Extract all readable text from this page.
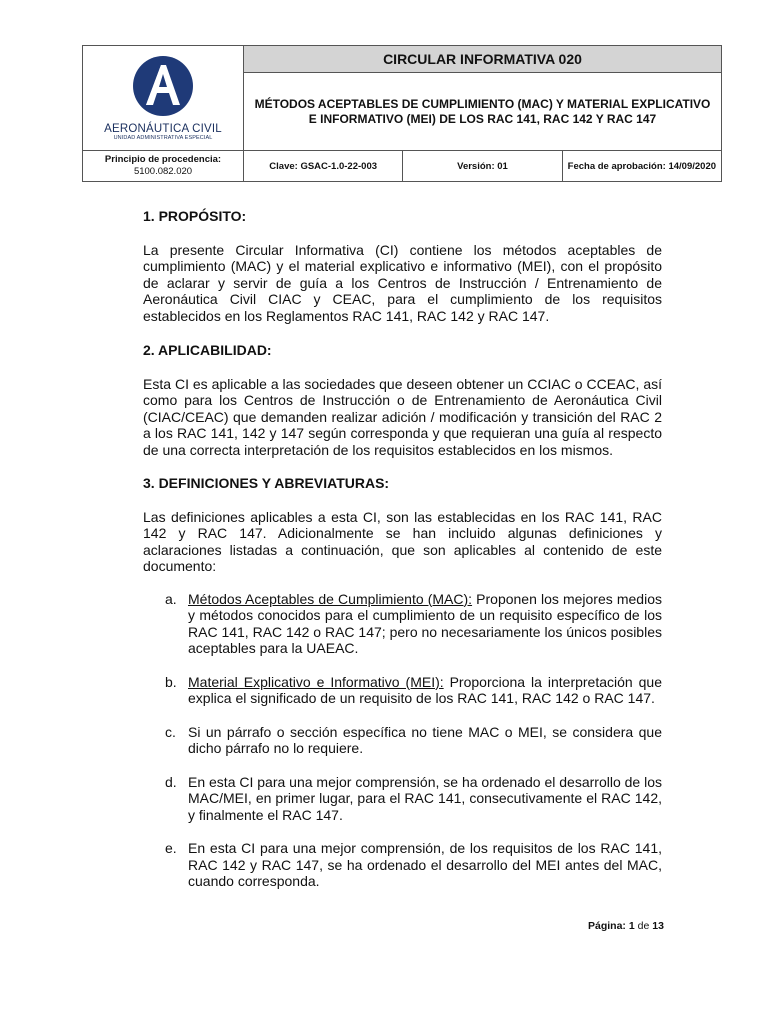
AERONÁUTICA CIVIL
UNIDAD ADMINISTRATIVA ESPECIAL	CIRCULAR INFORMATIVA 020		
	MÉTODOS ACEPTABLES DE CUMPLIMIENTO (MAC) Y MATERIAL EXPLICATIVO E INFORMATIVO (MEI) DE LOS RAC 141, RAC 142 Y RAC 147		
Principio de procedencia:
5100.082.020	Clave: GSAC-1.0-22-003	Versión: 01	Fecha de aprobación: 14/09/2020

1. PROPÓSITO:

La presente Circular Informativa (CI) contiene los métodos aceptables de cumplimiento (MAC) y el material explicativo e informativo (MEI), con el propósito de aclarar y servir de guía a los Centros de Instrucción / Entrenamiento de Aeronáutica Civil CIAC y CEAC, para el cumplimiento de los requisitos establecidos en los Reglamentos RAC 141, RAC 142 y RAC 147.

2. APLICABILIDAD:

Esta CI es aplicable a las sociedades que deseen obtener un CCIAC o CCEAC, así como para los Centros de Instrucción o de Entrenamiento de Aeronáutica Civil (CIAC/CEAC) que demanden realizar adición / modificación y transición del RAC 2 a los RAC 141, 142 y 147 según corresponda y que requieran una guía al respecto de una correcta interpretación de los requisitos establecidos en los mismos.

3. DEFINICIONES Y ABREVIATURAS:

Las definiciones aplicables a esta CI, son las establecidas en los RAC 141, RAC 142 y RAC 147. Adicionalmente se han incluido algunas definiciones y aclaraciones listadas a continuación, que son aplicables al contenido de este documento:

a. Métodos Aceptables de Cumplimiento (MAC): Proponen los mejores medios y métodos conocidos para el cumplimiento de un requisito específico de los RAC 141, RAC 142 o RAC 147; pero no necesariamente los únicos posibles aceptables para la UAEAC.
b. Material Explicativo e Informativo (MEI): Proporciona la interpretación que explica el significado de un requisito de los RAC 141, RAC 142 o RAC 147.
c. Si un párrafo o sección específica no tiene MAC o MEI, se considera que dicho párrafo no lo requiere.
d. En esta CI para una mejor comprensión, se ha ordenado el desarrollo de los MAC/MEI, en primer lugar, para el RAC 141, consecutivamente el RAC 142, y finalmente el RAC 147.
e. En esta CI para una mejor comprensión, de los requisitos de los RAC 141, RAC 142 y RAC 147, se ha ordenado el desarrollo del MEI antes del MAC, cuando corresponda.
Página: 1 de 13
